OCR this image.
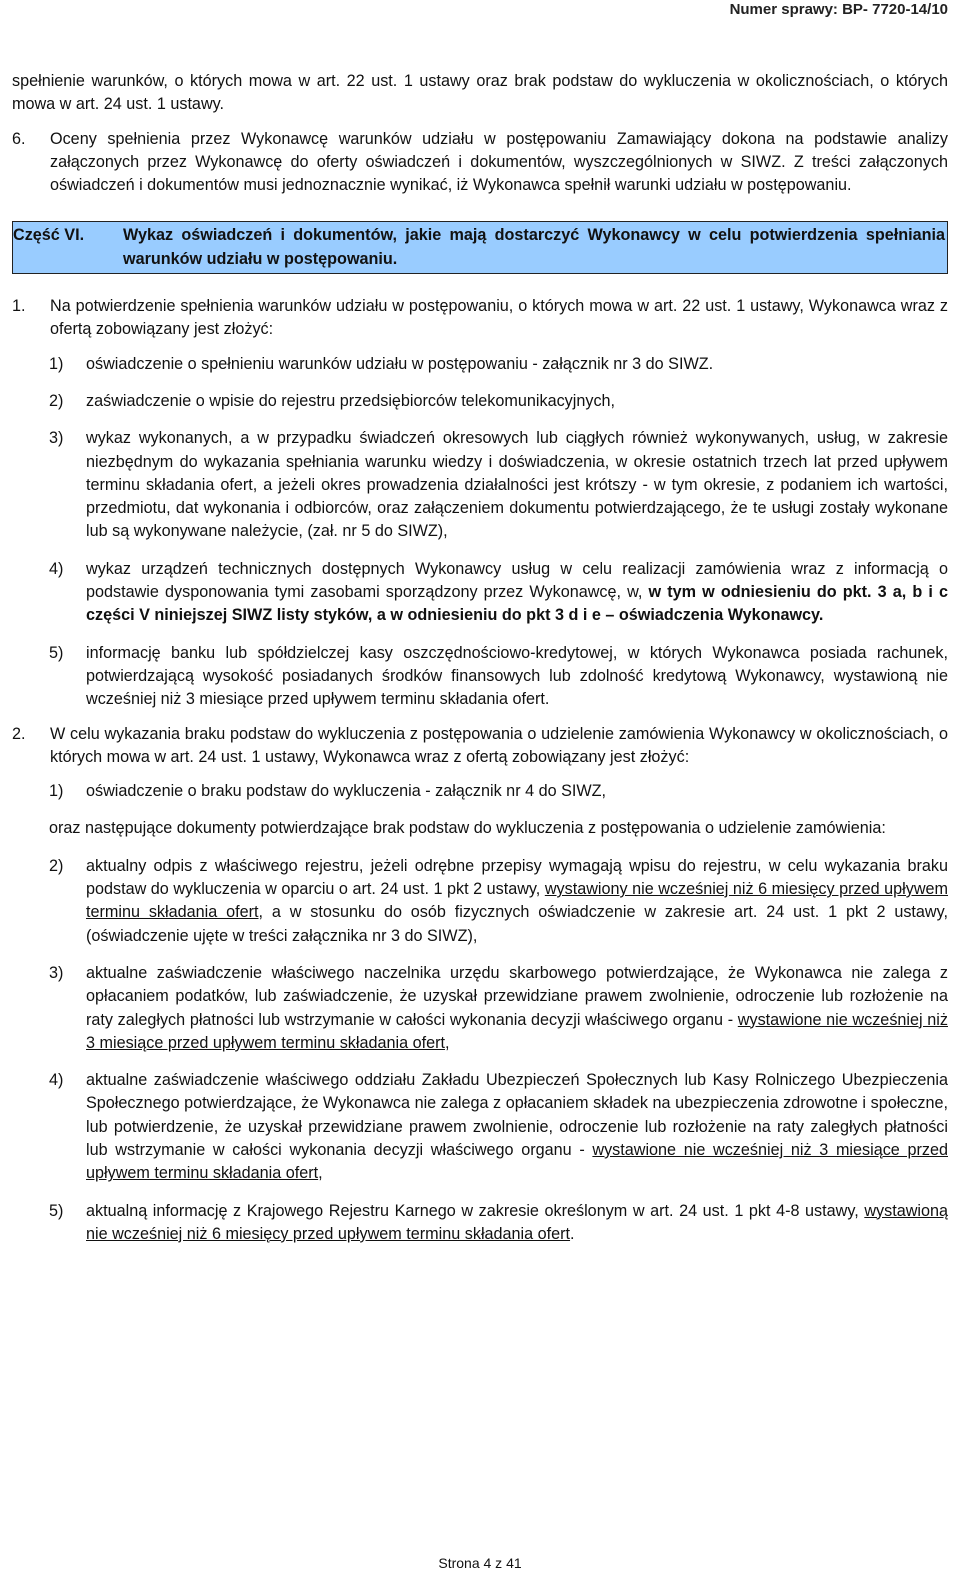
Numer sprawy: BP- 7720-14/10

spełnienie warunków, o których mowa w art. 22 ust. 1 ustawy oraz brak podstaw do wykluczenia w okolicznościach, o których mowa w art. 24 ust. 1 ustawy.

6.	Oceny spełnienia przez Wykonawcę warunków udziału w postępowaniu Zamawiający dokona na podstawie analizy załączonych przez Wykonawcę do oferty oświadczeń i dokumentów, wyszczególnionych w SIWZ. Z treści załączonych oświadczeń i dokumentów musi jednoznacznie wynikać, iż Wykonawca spełnił warunki udziału w postępowaniu.
Część VI.	Wykaz oświadczeń i dokumentów, jakie mają dostarczyć Wykonawcy w celu potwierdzenia spełniania warunków udziału w postępowaniu.
1.	Na potwierdzenie spełnienia warunków udziału w postępowaniu, o których mowa w art. 22 ust. 1 ustawy, Wykonawca wraz z ofertą zobowiązany jest złożyć:
1)	oświadczenie o spełnieniu warunków udziału w postępowaniu - załącznik nr 3 do SIWZ.
2)	zaświadczenie o wpisie do rejestru przedsiębiorców telekomunikacyjnych,
3)	wykaz wykonanych, a w przypadku świadczeń okresowych lub ciągłych również wykonywanych, usług, w zakresie niezbędnym do wykazania spełniania warunku wiedzy i doświadczenia, w okresie ostatnich trzech lat przed upływem terminu składania ofert, a jeżeli okres prowadzenia działalności jest krótszy - w tym okresie, z podaniem ich wartości, przedmiotu, dat wykonania i odbiorców, oraz załączeniem dokumentu potwierdzającego, że te usługi zostały wykonane lub są wykonywane należycie, (zał. nr 5 do SIWZ),
4)	wykaz urządzeń technicznych dostępnych Wykonawcy usług w celu realizacji zamówienia wraz z informacją o podstawie dysponowania tymi zasobami sporządzony przez Wykonawcę, w, w tym w odniesieniu do pkt. 3 a, b i c części V niniejszej SIWZ listy styków, a w odniesieniu do pkt 3 d i e – oświadczenia Wykonawcy.
5)	informację banku lub spółdzielczej kasy oszczędnościowo-kredytowej, w których Wykonawca posiada rachunek, potwierdzającą wysokość posiadanych środków finansowych lub zdolność kredytową Wykonawcy, wystawioną nie wcześniej niż 3 miesiące przed upływem terminu składania ofert.
2.	W celu wykazania braku podstaw do wykluczenia z postępowania o udzielenie zamówienia Wykonawcy w okolicznościach, o których mowa w art. 24 ust. 1 ustawy, Wykonawca wraz z ofertą zobowiązany jest złożyć:
1)	oświadczenie o braku podstaw do wykluczenia - załącznik nr 4 do SIWZ,

oraz następujące dokumenty potwierdzające brak podstaw do wykluczenia z postępowania o udzielenie zamówienia:

2)	aktualny odpis z właściwego rejestru, jeżeli odrębne przepisy wymagają wpisu do rejestru, w celu wykazania braku podstaw do wykluczenia w oparciu o art. 24 ust. 1 pkt 2 ustawy, wystawiony nie wcześniej niż 6 miesięcy przed upływem terminu składania ofert, a w stosunku do osób fizycznych oświadczenie w zakresie art. 24 ust. 1 pkt 2 ustawy, (oświadczenie ujęte w treści załącznika nr 3 do SIWZ),
3)	aktualne zaświadczenie właściwego naczelnika urzędu skarbowego potwierdzające, że Wykonawca nie zalega z opłacaniem podatków, lub zaświadczenie, że uzyskał przewidziane prawem zwolnienie, odroczenie lub rozłożenie na raty zaległych płatności lub wstrzymanie w całości wykonania decyzji właściwego organu - wystawione nie wcześniej niż 3 miesiące przed upływem terminu składania ofert,
4)	aktualne zaświadczenie właściwego oddziału Zakładu Ubezpieczeń Społecznych lub Kasy Rolniczego Ubezpieczenia Społecznego potwierdzające, że Wykonawca nie zalega z opłacaniem składek na ubezpieczenia zdrowotne i społeczne, lub potwierdzenie, że uzyskał przewidziane prawem zwolnienie, odroczenie lub rozłożenie na raty zaległych płatności lub wstrzymanie w całości wykonania decyzji właściwego organu - wystawione nie wcześniej niż 3 miesiące przed upływem terminu składania ofert,
5)	aktualną informację z Krajowego Rejestru Karnego w zakresie określonym w art. 24 ust. 1 pkt 4-8 ustawy, wystawioną nie wcześniej niż 6 miesięcy przed upływem terminu składania ofert.
Strona 4 z 41
